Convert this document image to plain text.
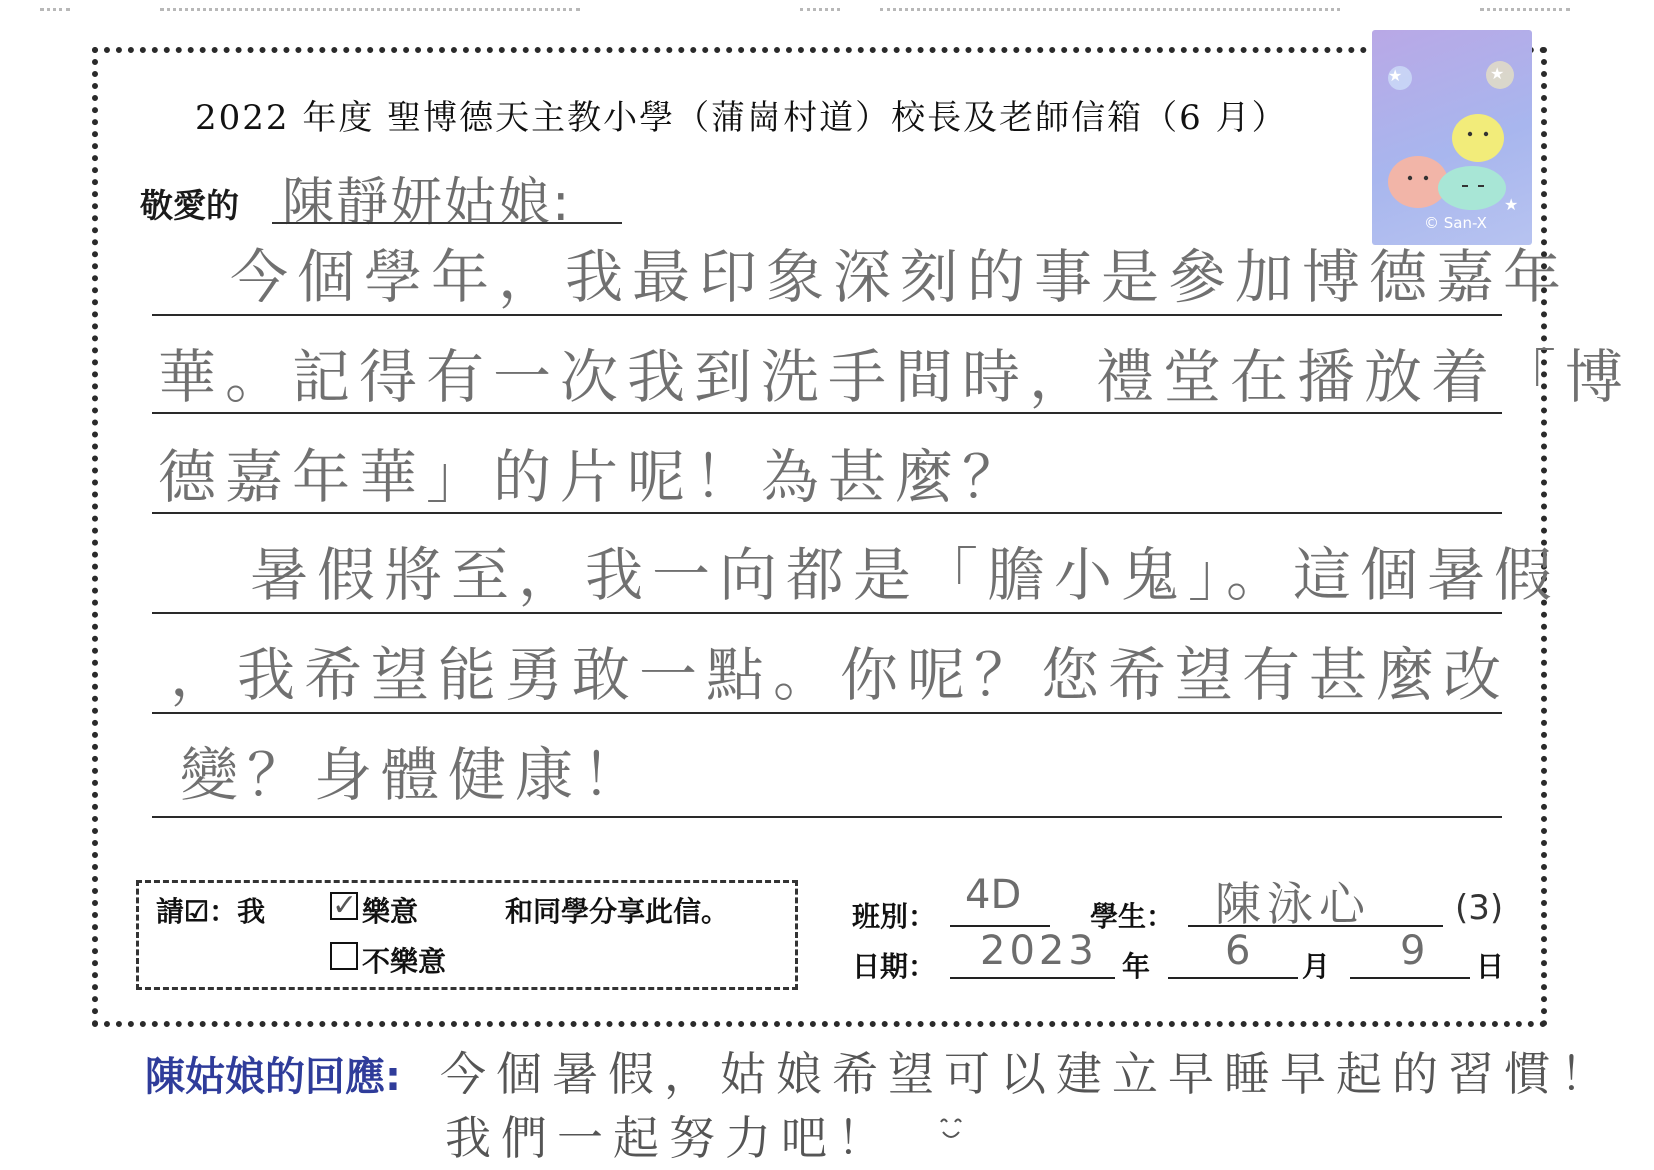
★	★
★
© San-X
2022 年度 聖博德天主教小學（蒲崗村道）校長及老師信箱（6 月）
敬愛的 陳靜妍姑娘:
今個學年，我最印象深刻的事是參加博德嘉年
華。記得有一次我到洗手間時，禮堂在播放着「博
德嘉年華」的片呢！為甚麼？
暑假將至，我一向都是「膽小鬼」。這個暑假
，我希望能勇敢一點。你呢？您希望有甚麼改
變？身體健康！
請☑：我 ✓ 樂意	和同學分享此信。
不樂意
班別： 4D 學生： 陳泳心 (3)
日期： 2023 年 6 月 9 日
陳姑娘的回應: 今個暑假，姑娘希望可以建立早睡早起的習慣！
我們一起努力吧！
